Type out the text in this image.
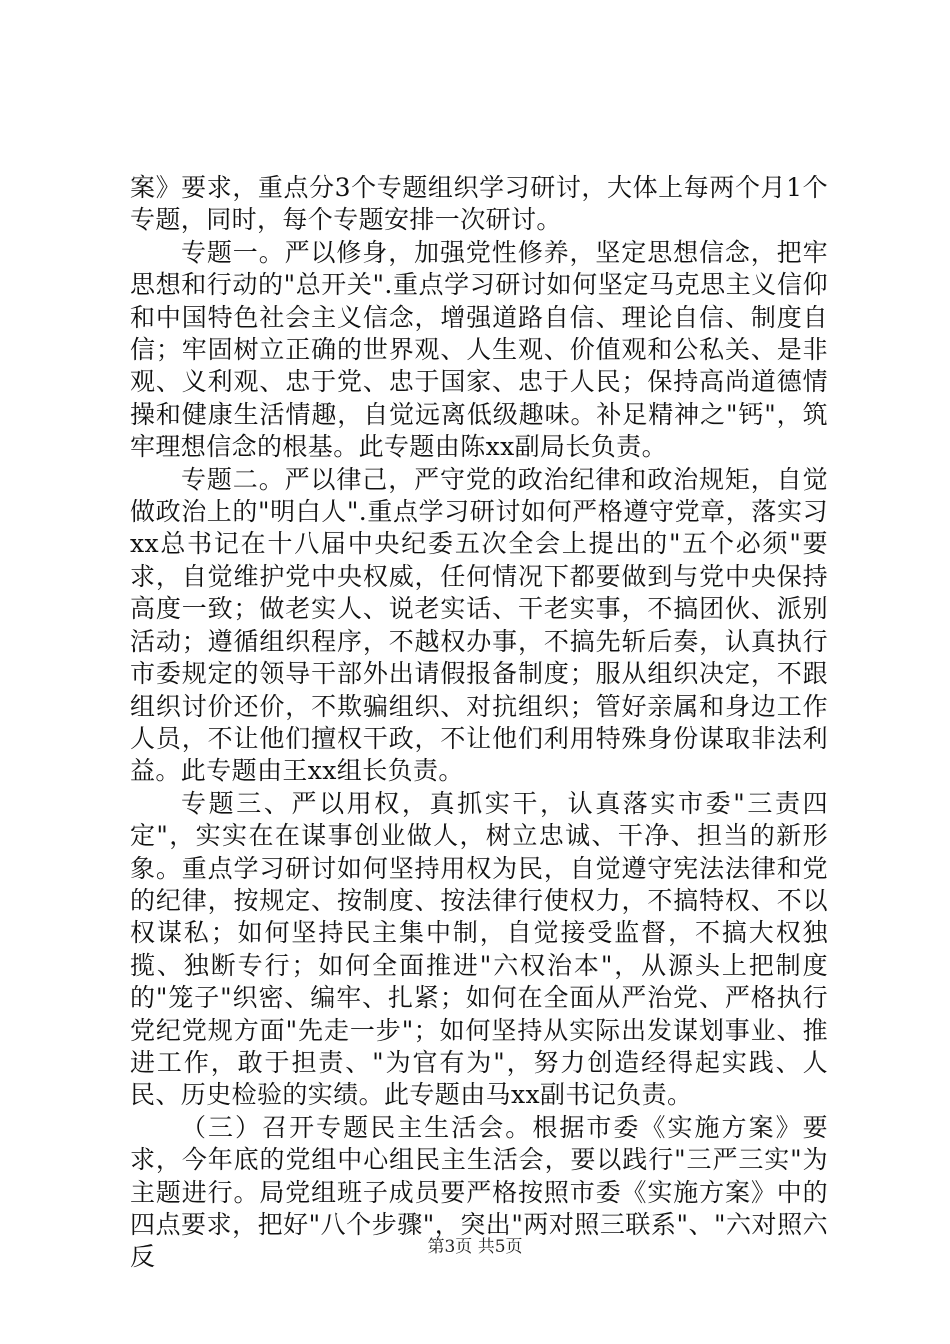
案》要求，重点分3个专题组织学习研讨，大体上每两个月1个专题，同时，每个专题安排一次研讨。

专题一。严以修身，加强党性修养，坚定思想信念，把牢思想和行动的"总开关".重点学习研讨如何坚定马克思主义信仰和中国特色社会主义信念，增强道路自信、理论自信、制度自信；牢固树立正确的世界观、人生观、价值观和公私关、是非观、义利观、忠于党、忠于国家、忠于人民；保持高尚道德情操和健康生活情趣，自觉远离低级趣味。补足精神之"钙"，筑牢理想信念的根基。此专题由陈xx副局长负责。

专题二。严以律己，严守党的政治纪律和政治规矩，自觉做政治上的"明白人".重点学习研讨如何严格遵守党章，落实习xx总书记在十八届中央纪委五次全会上提出的"五个必须"要求，自觉维护党中央权威，任何情况下都要做到与党中央保持高度一致；做老实人、说老实话、干老实事，不搞团伙、派别活动；遵循组织程序，不越权办事，不搞先斩后奏，认真执行市委规定的领导干部外出请假报备制度；服从组织决定，不跟组织讨价还价，不欺骗组织、对抗组织；管好亲属和身边工作人员，不让他们擅权干政，不让他们利用特殊身份谋取非法利益。此专题由王xx组长负责。

专题三、严以用权，真抓实干，认真落实市委"三责四定"，实实在在谋事创业做人，树立忠诚、干净、担当的新形象。重点学习研讨如何坚持用权为民，自觉遵守宪法法律和党的纪律，按规定、按制度、按法律行使权力，不搞特权、不以权谋私；如何坚持民主集中制，自觉接受监督，不搞大权独揽、独断专行；如何全面推进"六权治本"，从源头上把制度的"笼子"织密、编牢、扎紧；如何在全面从严治党、严格执行党纪党规方面"先走一步"；如何坚持从实际出发谋划事业、推进工作，敢于担责、"为官有为"，努力创造经得起实践、人民、历史检验的实绩。此专题由马xx副书记负责。

（三）召开专题民主生活会。根据市委《实施方案》要求，今年底的党组中心组民主生活会，要以践行"三严三实"为主题进行。局党组班子成员要严格按照市委《实施方案》中的四点要求，把好"八个步骤"，突出"两对照三联系"、"六对照六反	第3页 共5页
